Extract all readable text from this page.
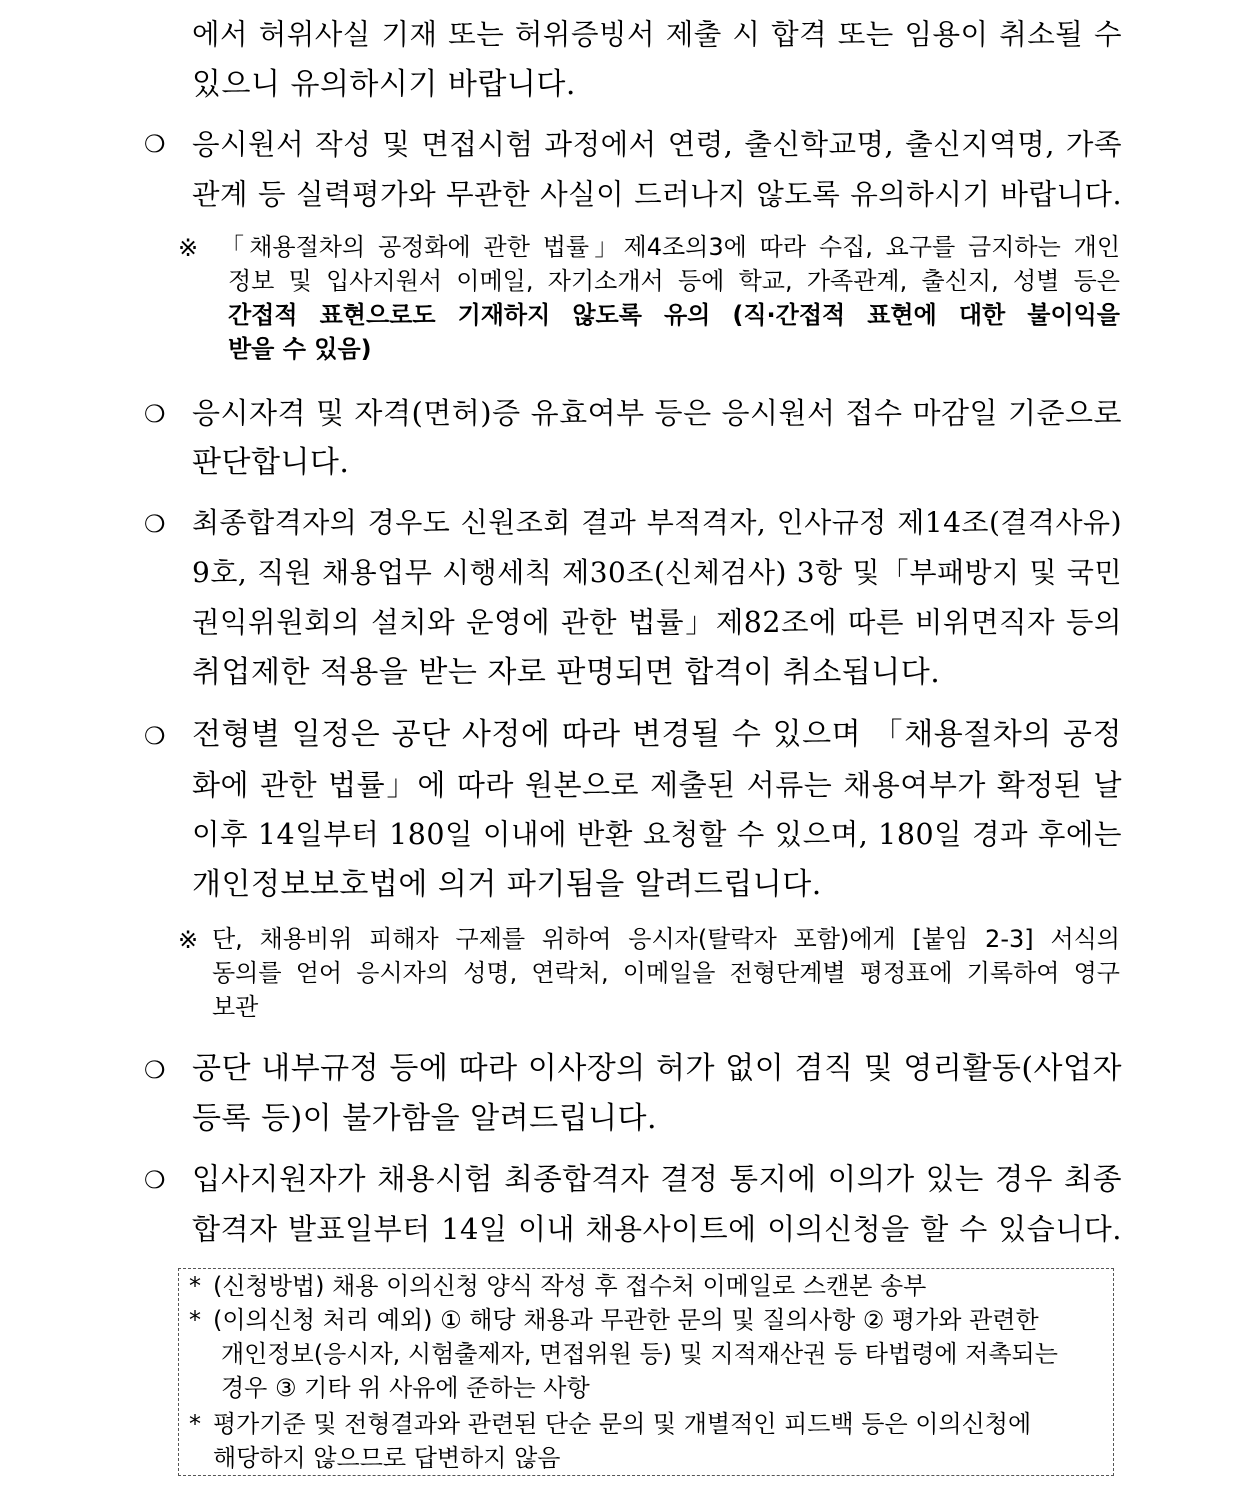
에서 허위사실 기재 또는 허위증빙서 제출 시 합격 또는 임용이 취소될 수
있으니 유의하시기 바랍니다.
❍ 응시원서 작성 및 면접시험 과정에서 연령, 출신학교명, 출신지역명, 가족
관계 등 실력평가와 무관한 사실이 드러나지 않도록 유의하시기 바랍니다.
※ 「채용절차의 공정화에 관한 법률」제4조의3에 따라 수집, 요구를 금지하는 개인
정보 및 입사지원서 이메일, 자기소개서 등에 학교, 가족관계, 출신지, 성별 등은
간접적 표현으로도 기재하지 않도록 유의 (직·간접적 표현에 대한 불이익을
받을 수 있음)
❍ 응시자격 및 자격(면허)증 유효여부 등은 응시원서 접수 마감일 기준으로
판단합니다.
❍ 최종합격자의 경우도 신원조회 결과 부적격자, 인사규정 제14조(결격사유)
9호, 직원 채용업무 시행세칙 제30조(신체검사) 3항 및「부패방지 및 국민
권익위원회의 설치와 운영에 관한 법률」제82조에 따른 비위면직자 등의
취업제한 적용을 받는 자로 판명되면 합격이 취소됩니다.
❍ 전형별 일정은 공단 사정에 따라 변경될 수 있으며 「채용절차의 공정
화에 관한 법률」에 따라 원본으로 제출된 서류는 채용여부가 확정된 날
이후 14일부터 180일 이내에 반환 요청할 수 있으며, 180일 경과 후에는
개인정보보호법에 의거 파기됨을 알려드립니다.
※ 단, 채용비위 피해자 구제를 위하여 응시자(탈락자 포함)에게 [붙임 2-3] 서식의
동의를 얻어 응시자의 성명, 연락처, 이메일을 전형단계별 평정표에 기록하여 영구
보관
❍ 공단 내부규정 등에 따라 이사장의 허가 없이 겸직 및 영리활동(사업자
등록 등)이 불가함을 알려드립니다.
❍ 입사지원자가 채용시험 최종합격자 결정 통지에 이의가 있는 경우 최종
합격자 발표일부터 14일 이내 채용사이트에 이의신청을 할 수 있습니다.
* (신청방법) 채용 이의신청 양식 작성 후 접수처 이메일로 스캔본 송부
* (이의신청 처리 예외) ① 해당 채용과 무관한 문의 및 질의사항 ② 평가와 관련한
개인정보(응시자, 시험출제자, 면접위원 등) 및 지적재산권 등 타법령에 저촉되는
경우 ③ 기타 위 사유에 준하는 사항
* 평가기준 및 전형결과와 관련된 단순 문의 및 개별적인 피드백 등은 이의신청에
해당하지 않으므로 답변하지 않음
